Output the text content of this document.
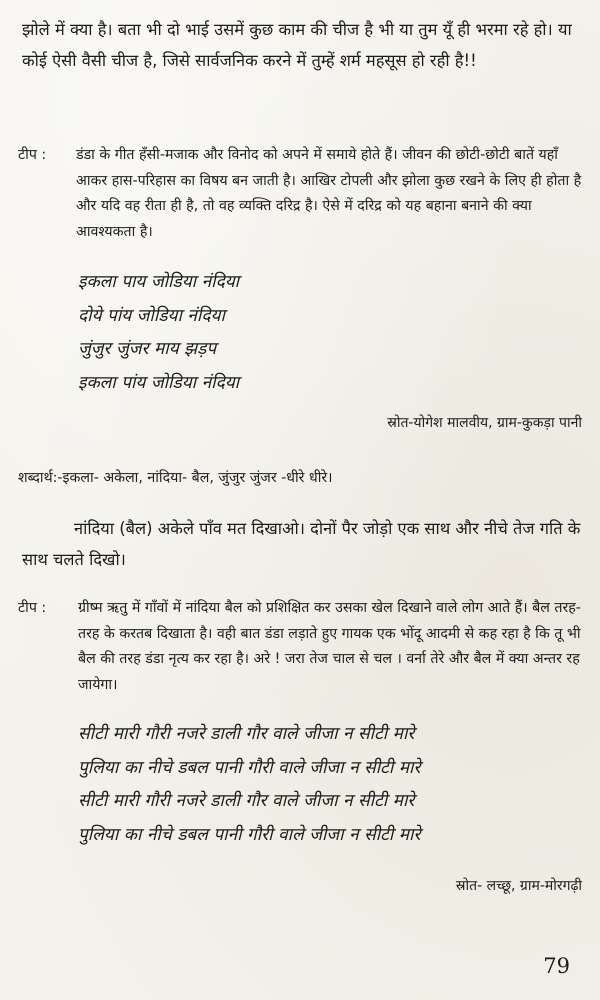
झोले में क्या है। बता भी दो भाई उसमें कुछ काम की चीज है भी या तुम यूँ ही भरमा रहे हो। या कोई ऐसी वैसी चीज है, जिसे सार्वजनिक करने में तुम्हें शर्म महसूस हो रही है!!

टीप :	डंडा के गीत हँसी-मजाक और विनोद को अपने में समाये होते हैं। जीवन की छोटी-छोटी बातें यहाँ आकर हास-परिहास का विषय बन जाती है। आखिर टोपली और झोला कुछ रखने के लिए ही होता है और यदि वह रीता ही है, तो वह व्यक्ति दरिद्र है। ऐसे में दरिद्र को यह बहाना बनाने की क्या आवश्यकता है।
इकला पाय जोडिया नंदिया
दोये पांय जोडिया नंदिया
जुंजुर जुंजर माय झड़प
इकला पांय जोडिया नंदिया
स्रोत-योगेश मालवीय, ग्राम-कुकड़ा पानी
शब्दार्थ:-इकला- अकेला, नांदिया- बैल, जुंजुर जुंजर -धीरे धीरे।

नांदिया (बैल) अकेले पाँव मत दिखाओ। दोनों पैर जोड़ो एक साथ और नीचे तेज गति के साथ चलते दिखो।

टीप :	ग्रीष्म ऋतु में गाँवों में नांदिया बैल को प्रशिक्षित कर उसका खेल दिखाने वाले लोग आते हैं। बैल तरह-तरह के करतब दिखाता है। वही बात डंडा लड़ाते हुए गायक एक भोंदू आदमी से कह रहा है कि तू भी बैल की तरह डंडा नृत्य कर रहा है। अरे ! जरा तेज चाल से चल । वर्ना तेरे और बैल में क्या अन्तर रह जायेगा।
सीटी मारी गौरी नजरे डाली गौर वाले जीजा न सीटी मारे
पुलिया का नीचे डबल पानी गौरी वाले जीजा न सीटी मारे
सीटी मारी गौरी नजरे डाली गौर वाले जीजा न सीटी मारे
पुलिया का नीचे डबल पानी गौरी वाले जीजा न सीटी मारे
स्रोत- लच्छू, ग्राम-मोरगढ़ी
79
